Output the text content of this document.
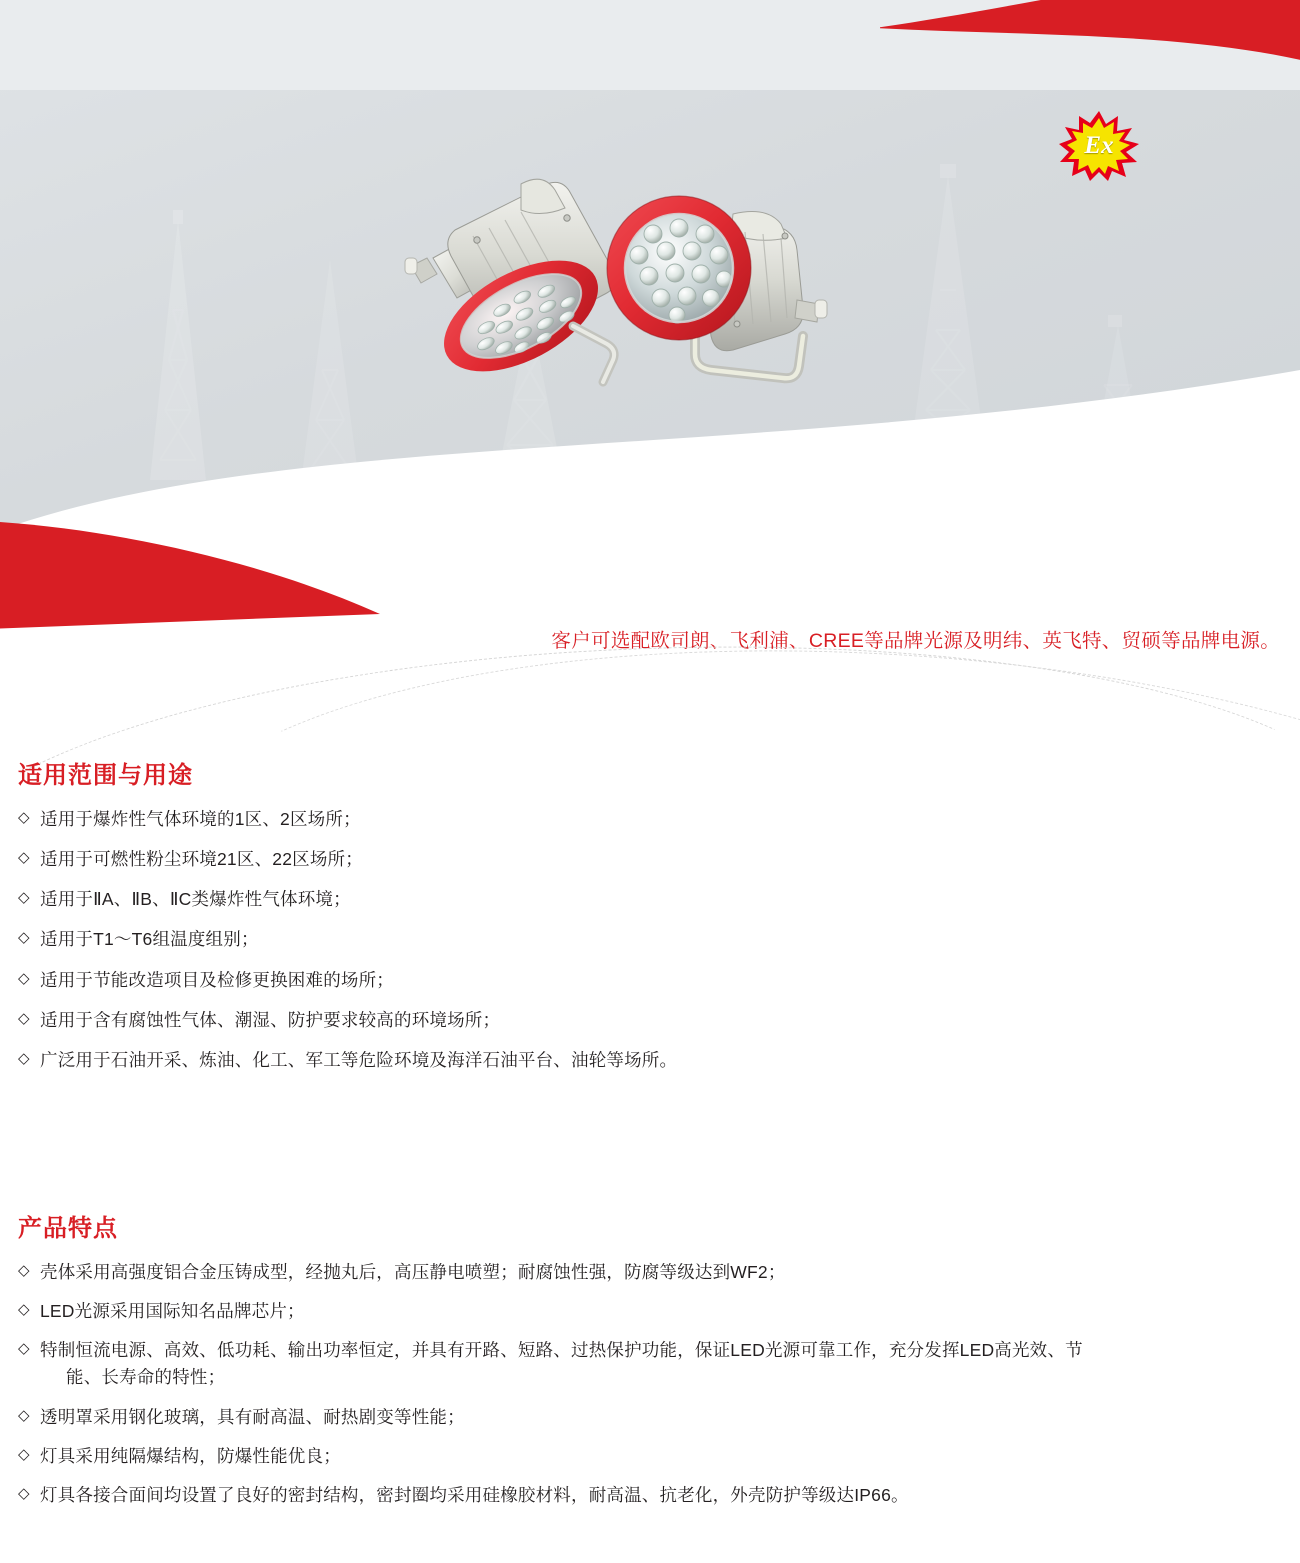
Ex
客户可选配欧司朗、飞利浦、CREE等品牌光源及明纬、英飞特、贸硕等品牌电源。
适用范围与用途
◇ 适用于爆炸性气体环境的1区、2区场所；
◇ 适用于可燃性粉尘环境21区、22区场所；
◇ 适用于ⅡA、ⅡB、ⅡC类爆炸性气体环境；
◇ 适用于T1～T6组温度组别；
◇ 适用于节能改造项目及检修更换困难的场所；
◇ 适用于含有腐蚀性气体、潮湿、防护要求较高的环境场所；
◇ 广泛用于石油开采、炼油、化工、军工等危险环境及海洋石油平台、油轮等场所。
产品特点
◇ 壳体采用高强度铝合金压铸成型，经抛丸后，高压静电喷塑；耐腐蚀性强，防腐等级达到WF2；
◇ LED光源采用国际知名品牌芯片；
◇ 特制恒流电源、高效、低功耗、输出功率恒定，并具有开路、短路、过热保护功能，保证LED光源可靠工作，充分发挥LED高光效、节
能、长寿命的特性；
◇ 透明罩采用钢化玻璃，具有耐高温、耐热剧变等性能；
◇ 灯具采用纯隔爆结构，防爆性能优良；
◇ 灯具各接合面间均设置了良好的密封结构，密封圈均采用硅橡胶材料，耐高温、抗老化，外壳防护等级达IP66。
